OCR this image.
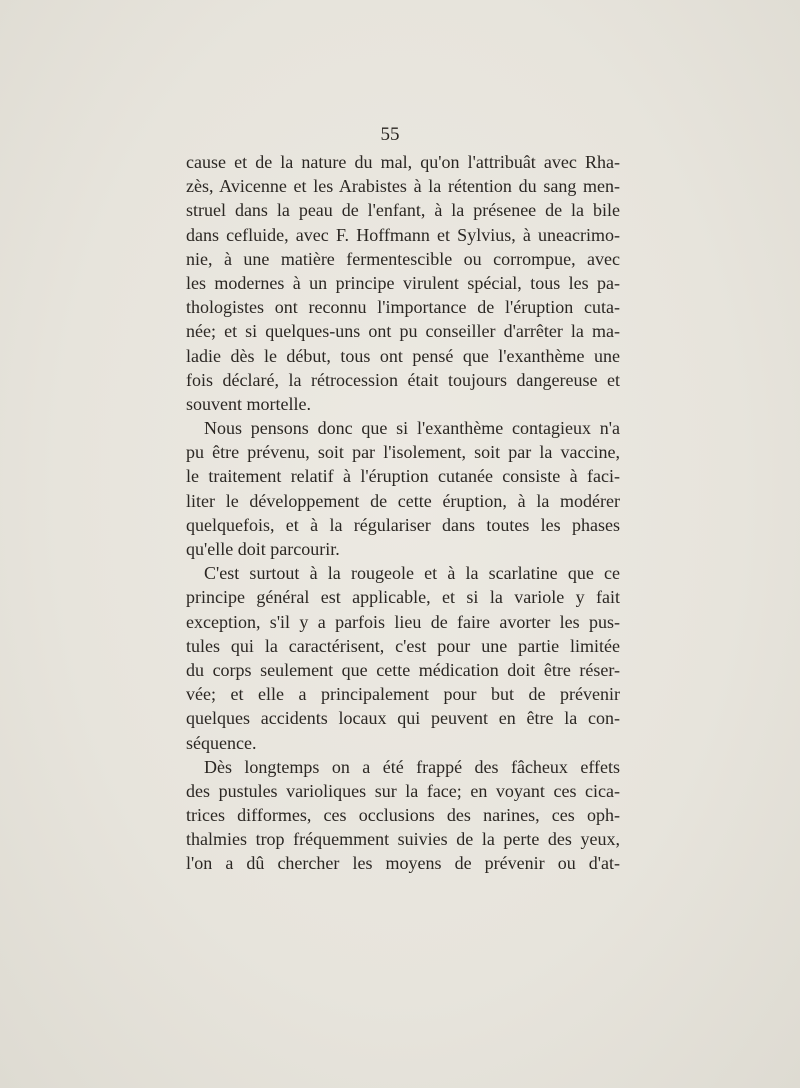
55
cause et de la nature du mal, qu'on l'attribuât avec Rha-
zès, Avicenne et les Arabistes à la rétention du sang men-
struel dans la peau de l'enfant, à la présenee de la bile
dans cefluide, avec F. Hoffmann et Sylvius, à uneacrimo-
nie, à une matière fermentescible ou corrompue, avec
les modernes à un principe virulent spécial, tous les pa-
thologistes ont reconnu l'importance de l'éruption cuta-
née; et si quelques-uns ont pu conseiller d'arrêter la ma-
ladie dès le début, tous ont pensé que l'exanthème une
fois déclaré, la rétrocession était toujours dangereuse et
souvent mortelle.
Nous pensons donc que si l'exanthème contagieux n'a
pu être prévenu, soit par l'isolement, soit par la vaccine,
le traitement relatif à l'éruption cutanée consiste à faci-
liter le développement de cette éruption, à la modérer
quelquefois, et à la régulariser dans toutes les phases
qu'elle doit parcourir.
C'est surtout à la rougeole et à la scarlatine que ce
principe général est applicable, et si la variole y fait
exception, s'il y a parfois lieu de faire avorter les pus-
tules qui la caractérisent, c'est pour une partie limitée
du corps seulement que cette médication doit être réser-
vée; et elle a principalement pour but de prévenir
quelques accidents locaux qui peuvent en être la con-
séquence.
Dès longtemps on a été frappé des fâcheux effets
des pustules varioliques sur la face; en voyant ces cica-
trices difformes, ces occlusions des narines, ces oph-
thalmies trop fréquemment suivies de la perte des yeux,
l'on a dû chercher les moyens de prévenir ou d'at-
